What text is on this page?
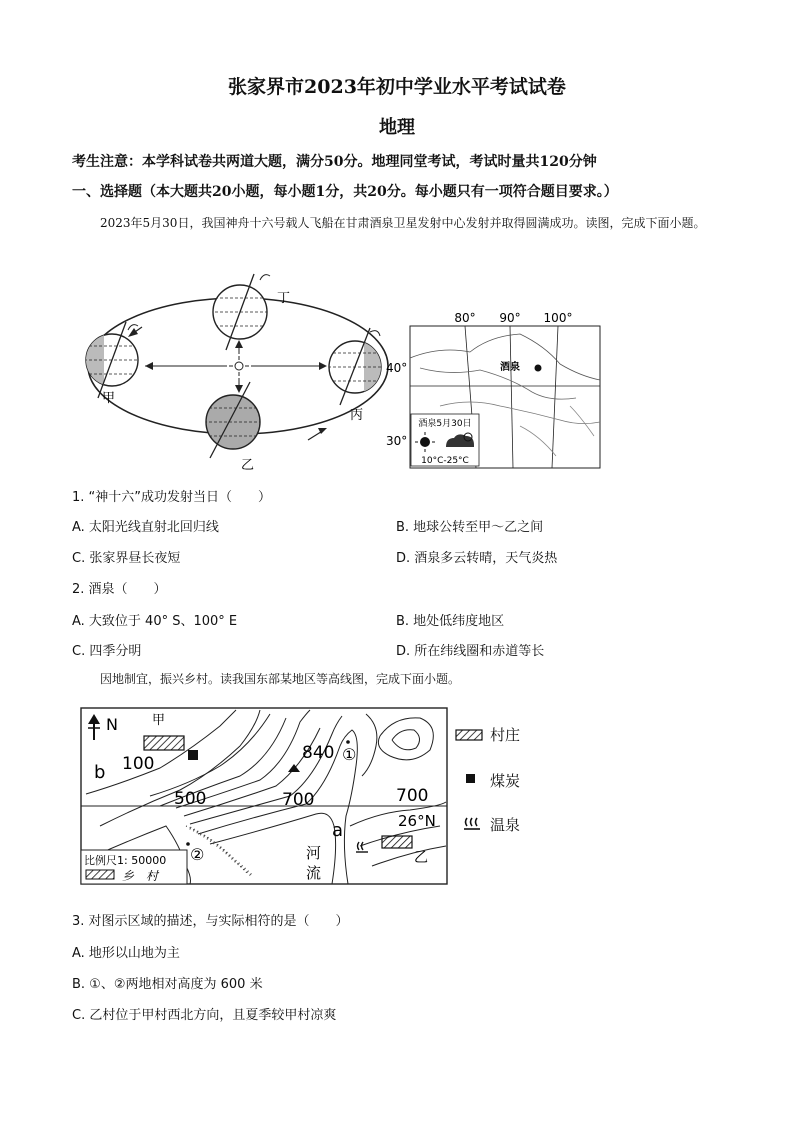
张家界市2023年初中学业水平考试试卷
地理
考生注意：本学科试卷共两道大题，满分50分。地理同堂考试，考试时量共120分钟
一、选择题（本大题共20小题，每小题1分，共20分。每小题只有一项符合题目要求。）
2023年5月30日，我国神舟十六号载人飞船在甘肃酒泉卫星发射中心发射并取得圆满成功。读图，完成下面小题。
甲
乙
丙
丁
80° 90° 100°
40°
30°
酒泉
酒泉5月30日
10°C-25°C
1. “神十六”成功发射当日（　　）
A. 太阳光线直射北回归线	B. 地球公转至甲～乙之间
C. 张家界昼长夜短	D. 酒泉多云转晴，天气炎热
2. 酒泉（　　）
A. 大致位于 40° S、100° E	B. 地处低纬度地区
C. 四季分明	D. 所在纬线圈和赤道等长
因地制宜，振兴乡村。读我国东部某地区等高线图，完成下面小题。
N	甲
b 100
500	700	700
840 ①
②
a	26°N
乙
河
流
比例尺1: 50000
乡　村
村庄
煤炭
温泉
3. 对图示区域的描述，与实际相符的是（　　）
A. 地形以山地为主
B. ①、②两地相对高度为 600 米
C. 乙村位于甲村西北方向，且夏季较甲村凉爽
